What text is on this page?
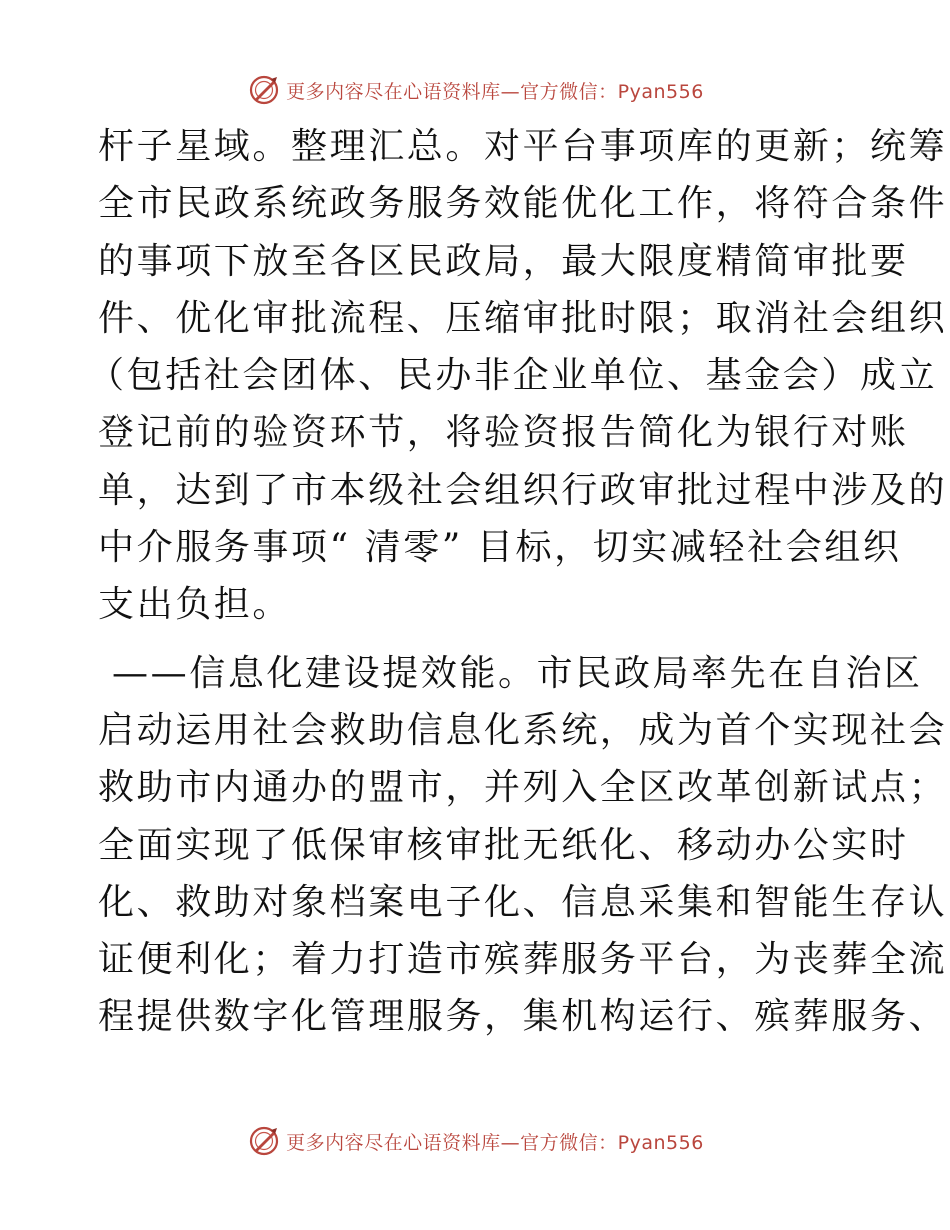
更多内容尽在心语资料库—官方微信：Pyan556

杆子星域。整理汇总。对平台事项库的更新；统筹
全市民政系统政务服务效能优化工作，将符合条件
的事项下放至各区民政局，最大限度精简审批要
件、优化审批流程、压缩审批时限；取消社会组织
（包括社会团体、民办非企业单位、基金会）成立
登记前的验资环节，将验资报告简化为银行对账
单，达到了市本级社会组织行政审批过程中涉及的
中介服务事项“ 清零” 目标，切实减轻社会组织
支出负担。

——信息化建设提效能。市民政局率先在自治区
启动运用社会救助信息化系统，成为首个实现社会
救助市内通办的盟市，并列入全区改革创新试点；
全面实现了低保审核审批无纸化、移动办公实时
化、救助对象档案电子化、信息采集和智能生存认
证便利化；着力打造市殡葬服务平台，为丧葬全流
程提供数字化管理服务，集机构运行、殡葬服务、

更多内容尽在心语资料库—官方微信：Pyan556
